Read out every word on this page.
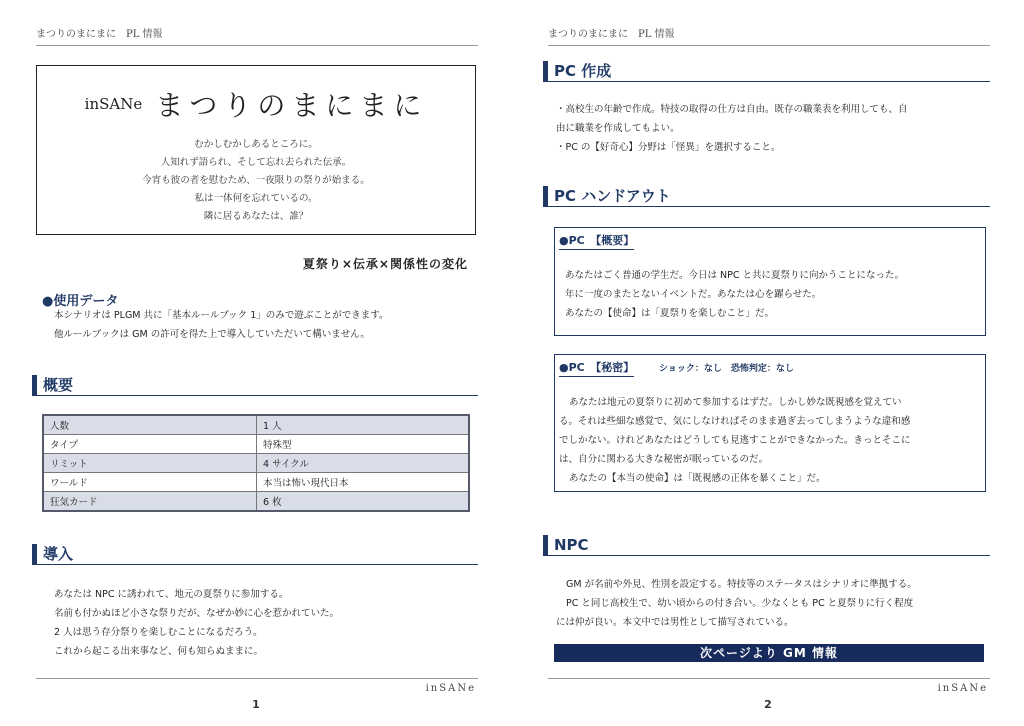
まつりのまにまに　PL 情報
inSANe まつりのまにまに
むかしむかしあるところに。
人知れず語られ、そして忘れ去られた伝承。
今宵も彼の者を慰むため、一夜限りの祭りが始まる。
私は一体何を忘れているの。
隣に居るあなたは、誰？
夏祭り×伝承×関係性の変化
●使用データ
本シナリオは PLGM 共に「基本ルールブック 1」のみで遊ぶことができます。
他ルールブックは GM の許可を得た上で導入していただいて構いません。
概要
人数	1 人
タイプ	特殊型
リミット	4 サイクル
ワールド	本当は怖い現代日本
狂気カード	6 枚
導入
あなたは NPC に誘われて、地元の夏祭りに参加する。
名前も付かぬほど小さな祭りだが、なぜか妙に心を惹かれていた。
2 人は思う存分祭りを楽しむことになるだろう。
これから起こる出来事など、何も知らぬままに。
inSANe
1
まつりのまにまに　PL 情報
PC 作成
・高校生の年齢で作成。特技の取得の仕方は自由。既存の職業表を利用しても、自
由に職業を作成してもよい。
・PC の【好奇心】分野は「怪異」を選択すること。
PC ハンドアウト
●PC　【概要】
あなたはごく普通の学生だ。今日は NPC と共に夏祭りに向かうことになった。
年に一度のまたとないイベントだ。あなたは心を躍らせた。
あなたの【使命】は「夏祭りを楽しむこと」だ。
●PC　【秘密】	ショック：なし　恐怖判定：なし
あなたは地元の夏祭りに初めて参加するはずだ。しかし妙な既視感を覚えてい
る。それは些細な感覚で、気にしなければそのまま過ぎ去ってしまうような違和感
でしかない。けれどあなたはどうしても見逃すことができなかった。きっとそこに
は、自分に関わる大きな秘密が眠っているのだ。
あなたの【本当の使命】は「既視感の正体を暴くこと」だ。
NPC
GM が名前や外見、性別を設定する。特技等のステータスはシナリオに準拠する。
PC と同じ高校生で、幼い頃からの付き合い。少なくとも PC と夏祭りに行く程度
には仲が良い。本文中では男性として描写されている。
次ページより GM 情報
inSANe
2
